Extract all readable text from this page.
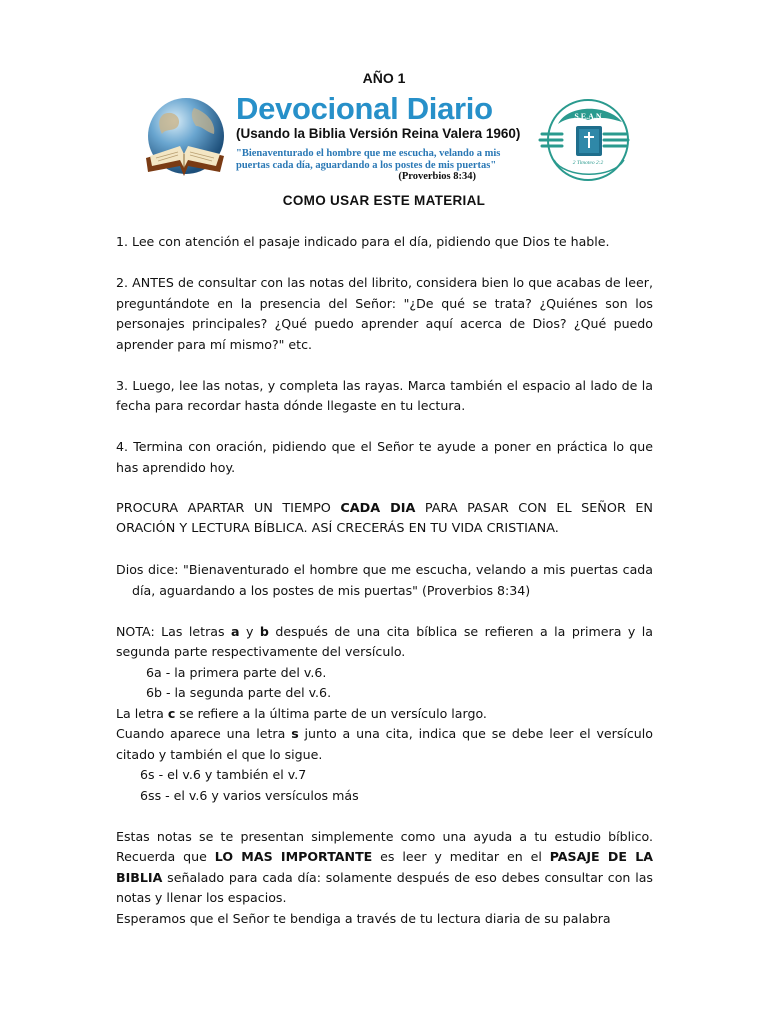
AÑO 1
Devocional Diario
(Usando la Biblia Versión Reina Valera 1960)
"Bienaventurado el hombre que me escucha, velando a mis
puertas cada día, aguardando a los postes de mis puertas"
(Proverbios 8:34)
S.E.A.N
2 Timoteo 2:2
COMO USAR ESTE MATERIAL

1. Lee con atención el pasaje indicado para el día, pidiendo que Dios te hable.

2. ANTES de consultar con las notas del librito, considera bien lo que acabas de leer, preguntándote en la presencia del Señor: "¿De qué se trata? ¿Quiénes son los personajes principales? ¿Qué puedo aprender aquí acerca de Dios? ¿Qué puedo aprender para mí mismo?" etc.

3. Luego, lee las notas, y completa las rayas. Marca también el espacio al lado de la fecha para recordar hasta dónde llegaste en tu lectura.

4. Termina con oración, pidiendo que el Señor te ayude a poner en práctica lo que has aprendido hoy.

PROCURA APARTAR UN TIEMPO CADA DIA PARA PASAR CON EL SEÑOR EN ORACIÓN Y LECTURA BÍBLICA. ASÍ CRECERÁS EN TU VIDA CRISTIANA.

Dios dice: "Bienaventurado el hombre que me escucha, velando a mis puertas cada día, aguardando a los postes de mis puertas" (Proverbios 8:34)

NOTA: Las letras a y b después de una cita bíblica se refieren a la primera y la segunda parte respectivamente del versículo.

6a - la primera parte del v.6.

6b - la segunda parte del v.6.

La letra c se refiere a la última parte de un versículo largo.

Cuando aparece una letra s junto a una cita, indica que se debe leer el versículo citado y también el que lo sigue.

6s - el v.6 y también el v.7

6ss - el v.6 y varios versículos más

Estas notas se te presentan simplemente como una ayuda a tu estudio bíblico. Recuerda que LO MAS IMPORTANTE es leer y meditar en el PASAJE DE LA BIBLIA señalado para cada día: solamente después de eso debes consultar con las notas y llenar los espacios.

Esperamos que el Señor te bendiga a través de tu lectura diaria de su palabra
